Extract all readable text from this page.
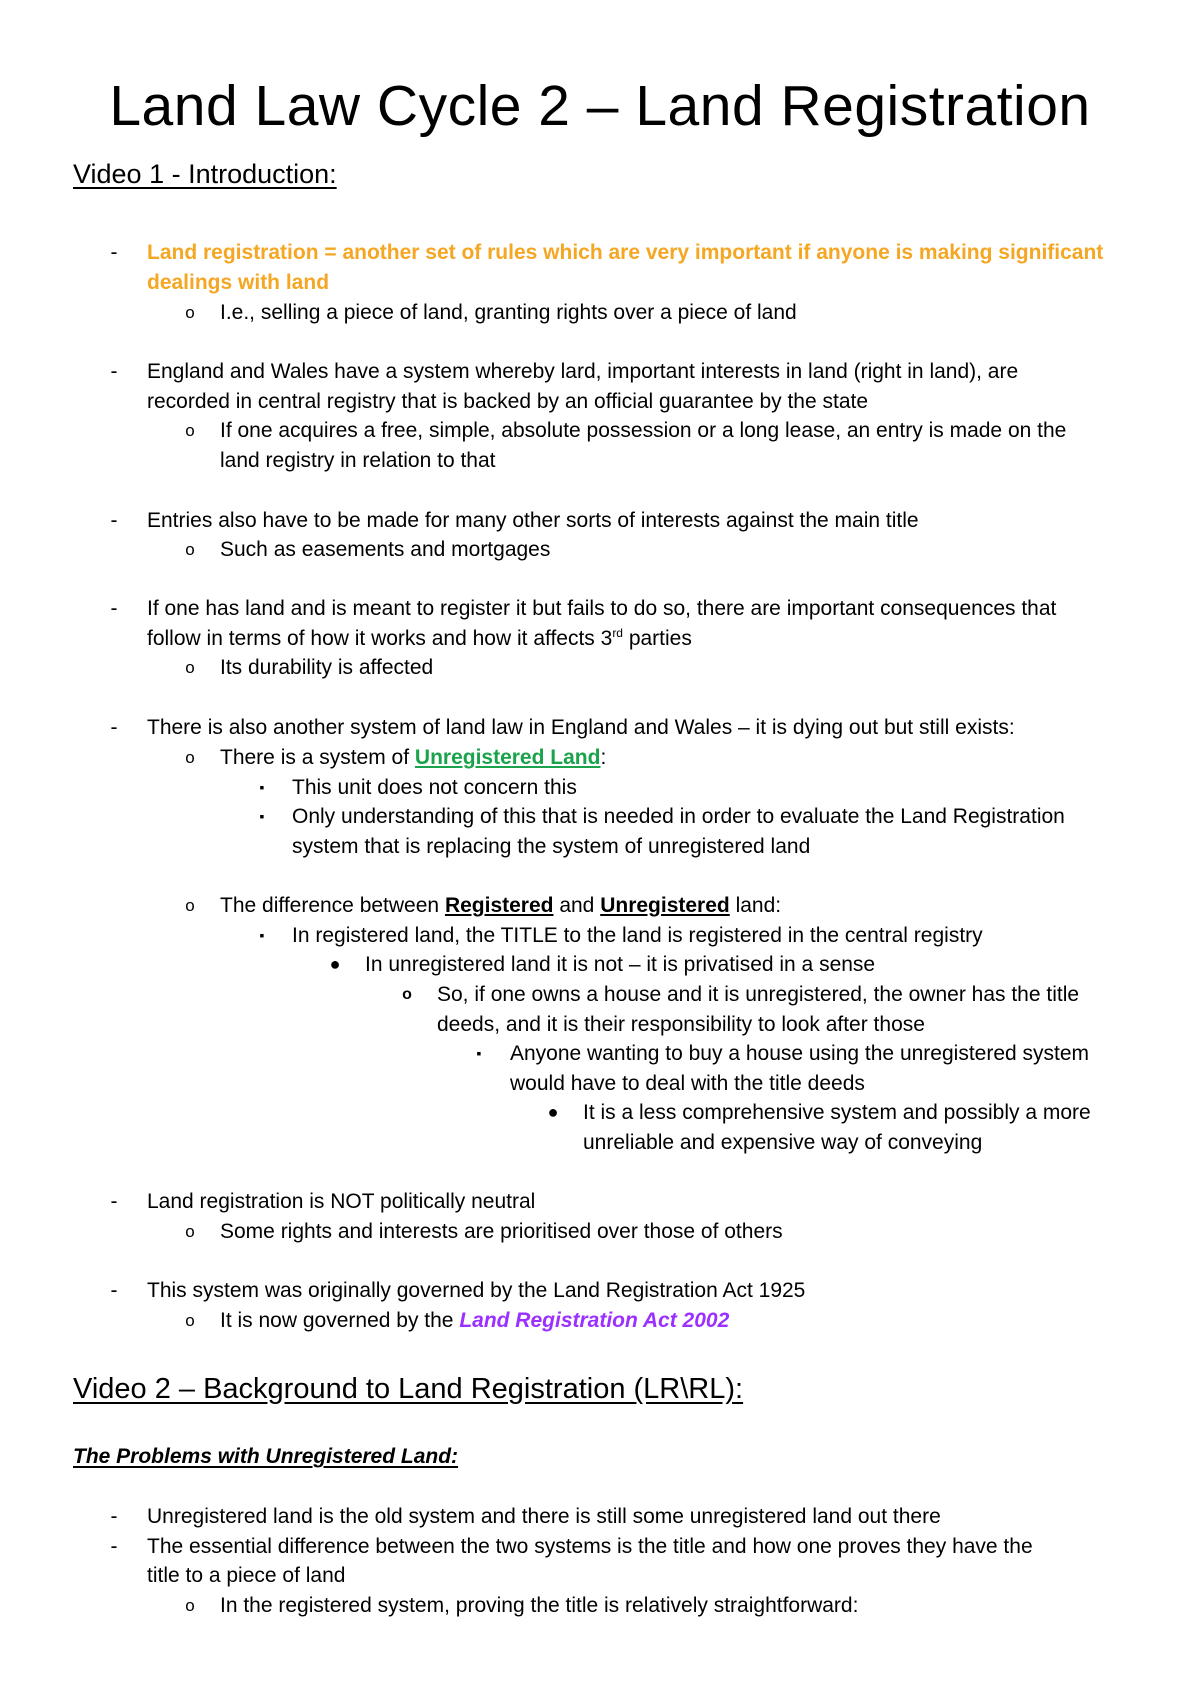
Land Law Cycle 2 – Land Registration
Video 1 - Introduction:
- Land registration = another set of rules which are very important if anyone is making significant
dealings with land
o I.e., selling a piece of land, granting rights over a piece of land
- England and Wales have a system whereby lard, important interests in land (right in land), are
recorded in central registry that is backed by an official guarantee by the state
o If one acquires a free, simple, absolute possession or a long lease, an entry is made on the
land registry in relation to that
- Entries also have to be made for many other sorts of interests against the main title
o Such as easements and mortgages
- If one has land and is meant to register it but fails to do so, there are important consequences that
follow in terms of how it works and how it affects 3rd parties
o Its durability is affected
- There is also another system of land law in England and Wales – it is dying out but still exists:
o There is a system of Unregistered Land:
▪ This unit does not concern this
▪ Only understanding of this that is needed in order to evaluate the Land Registration
system that is replacing the system of unregistered land
o The difference between Registered and Unregistered land:
▪ In registered land, the TITLE to the land is registered in the central registry
● In unregistered land it is not – it is privatised in a sense
o So, if one owns a house and it is unregistered, the owner has the title
deeds, and it is their responsibility to look after those
▪ Anyone wanting to buy a house using the unregistered system
would have to deal with the title deeds
● It is a less comprehensive system and possibly a more
unreliable and expensive way of conveying
- Land registration is NOT politically neutral
o Some rights and interests are prioritised over those of others
- This system was originally governed by the Land Registration Act 1925
o It is now governed by the Land Registration Act 2002
Video 2 – Background to Land Registration (LR\RL):
The Problems with Unregistered Land:
- Unregistered land is the old system and there is still some unregistered land out there
- The essential difference between the two systems is the title and how one proves they have the
title to a piece of land
o In the registered system, proving the title is relatively straightforward:
